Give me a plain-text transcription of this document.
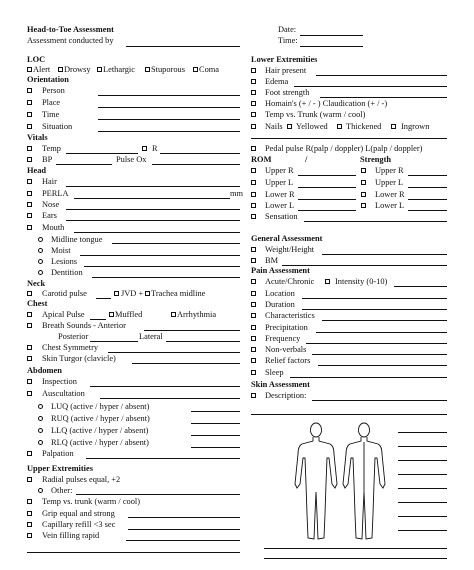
Head-to-Toe Assessment
Assessment conducted by
Date:
Time:
LOC
Alert Drowsy Lethargic Stuporous Coma
Orientation
Person
Place
Time
Situation
Vitals
Temp	R
BP	Pulse Ox
Head
Hair
PERLA	mm
Nose
Ears
Mouth
Midline tongue
Moist
Lesions
Dentition
Neck
Carotid pulse	JVD + Trachea midline
Chest
Apical Pulse	Muffled	Arrhythmia
Breath Sounds - Anterior
Posterior	Lateral
Chest Symmetry
Skin Turgor (clavicle)
Abdomen
Inspection
Auscultation
LUQ (active / hyper / absent)
RUQ (active / hyper / absent)
LLQ (active / hyper / absent)
RLQ (active / hyper / absent)
Palpation
Upper Extremities
Radial pulses equal, +2
Other:
Temp vs. trunk (warm / cool)
Grip equal and strong
Capillary refill <3 sec
Vein filling rapid
Lower Extremities
Hair present
Edema
Foot strength
Homain's (+ / - ) Claudication (+ / -)
Temp vs. Trunk (warm / cool)
Nails Yellowed Thickened Ingrown
Pedal pulse R(palp / doppler) L(palp / doppler)
ROM	/	Strength
Upper R	Upper R
Upper L	Upper L
Lower R	Lower R
Lower L	Lower L
Sensation
General Assessment
Weight/Height
BM
Pain Assessment
Acute/Chronic Intensity (0-10)
Location
Duration
Characteristics
Precipitation
Frequency
Non-verbals
Relief factors
Sleep
Skin Assessment
Description:
